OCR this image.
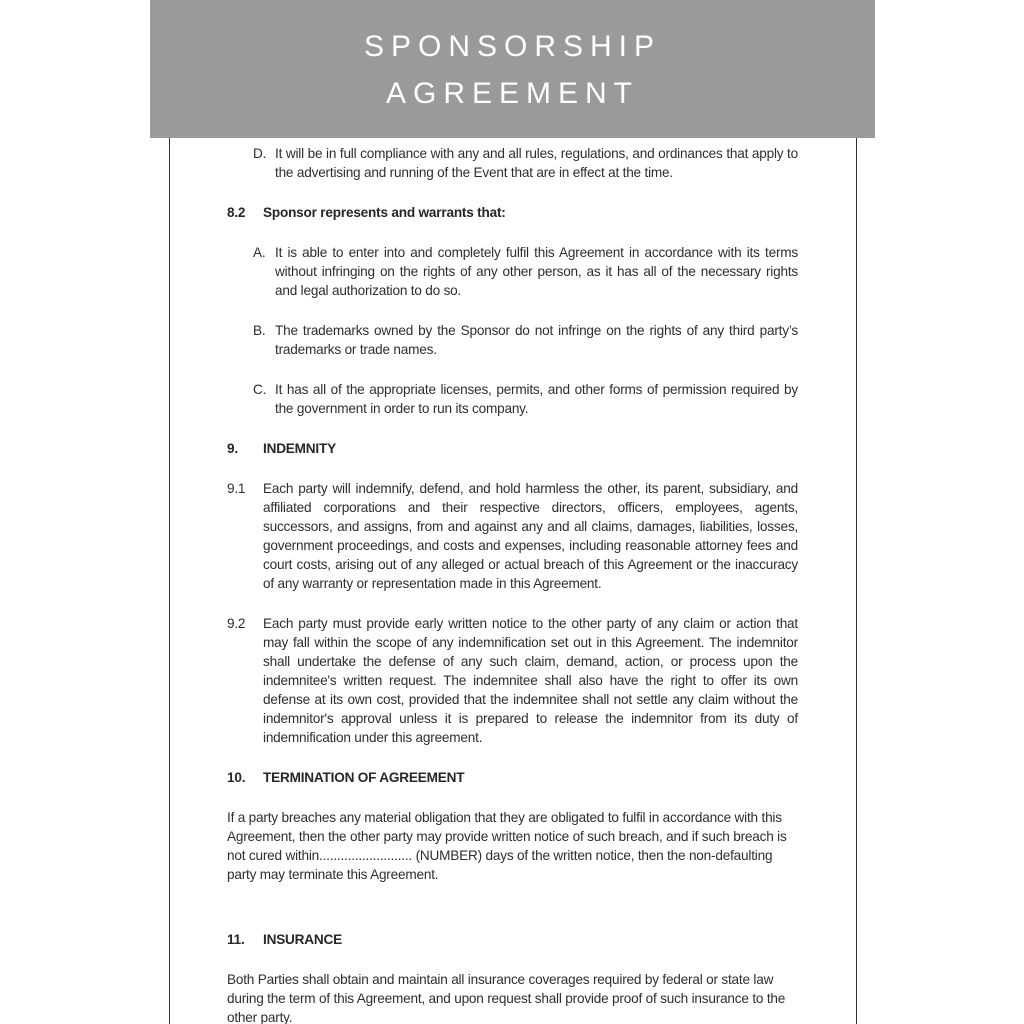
SPONSORSHIP
AGREEMENT
D. It will be in full compliance with any and all rules, regulations, and ordinances that apply to the advertising and running of the Event that are in effect at the time.
8.2 Sponsor represents and warrants that:
A. It is able to enter into and completely fulfil this Agreement in accordance with its terms without infringing on the rights of any other person, as it has all of the necessary rights and legal authorization to do so.
B. The trademarks owned by the Sponsor do not infringe on the rights of any third party’s trademarks or trade names.
C. It has all of the appropriate licenses, permits, and other forms of permission required by the government in order to run its company.
9. INDEMNITY
9.1 Each party will indemnify, defend, and hold harmless the other, its parent, subsidiary, and affiliated corporations and their respective directors, officers, employees, agents, successors, and assigns, from and against any and all claims, damages, liabilities, losses, government proceedings, and costs and expenses, including reasonable attorney fees and court costs, arising out of any alleged or actual breach of this Agreement or the inaccuracy of any warranty or representation made in this Agreement.
9.2 Each party must provide early written notice to the other party of any claim or action that may fall within the scope of any indemnification set out in this Agreement. The indemnitor shall undertake the defense of any such claim, demand, action, or process upon the indemnitee's written request. The indemnitee shall also have the right to offer its own defense at its own cost, provided that the indemnitee shall not settle any claim without the indemnitor's approval unless it is prepared to release the indemnitor from its duty of indemnification under this agreement.
10. TERMINATION OF AGREEMENT
If a party breaches any material obligation that they are obligated to fulfil in accordance with this Agreement, then the other party may provide written notice of such breach, and if such breach is not cured within.......................... (NUMBER) days of the written notice, then the non-defaulting party may terminate this Agreement.
11. INSURANCE
Both Parties shall obtain and maintain all insurance coverages required by federal or state law during the term of this Agreement, and upon request shall provide proof of such insurance to the other party.
